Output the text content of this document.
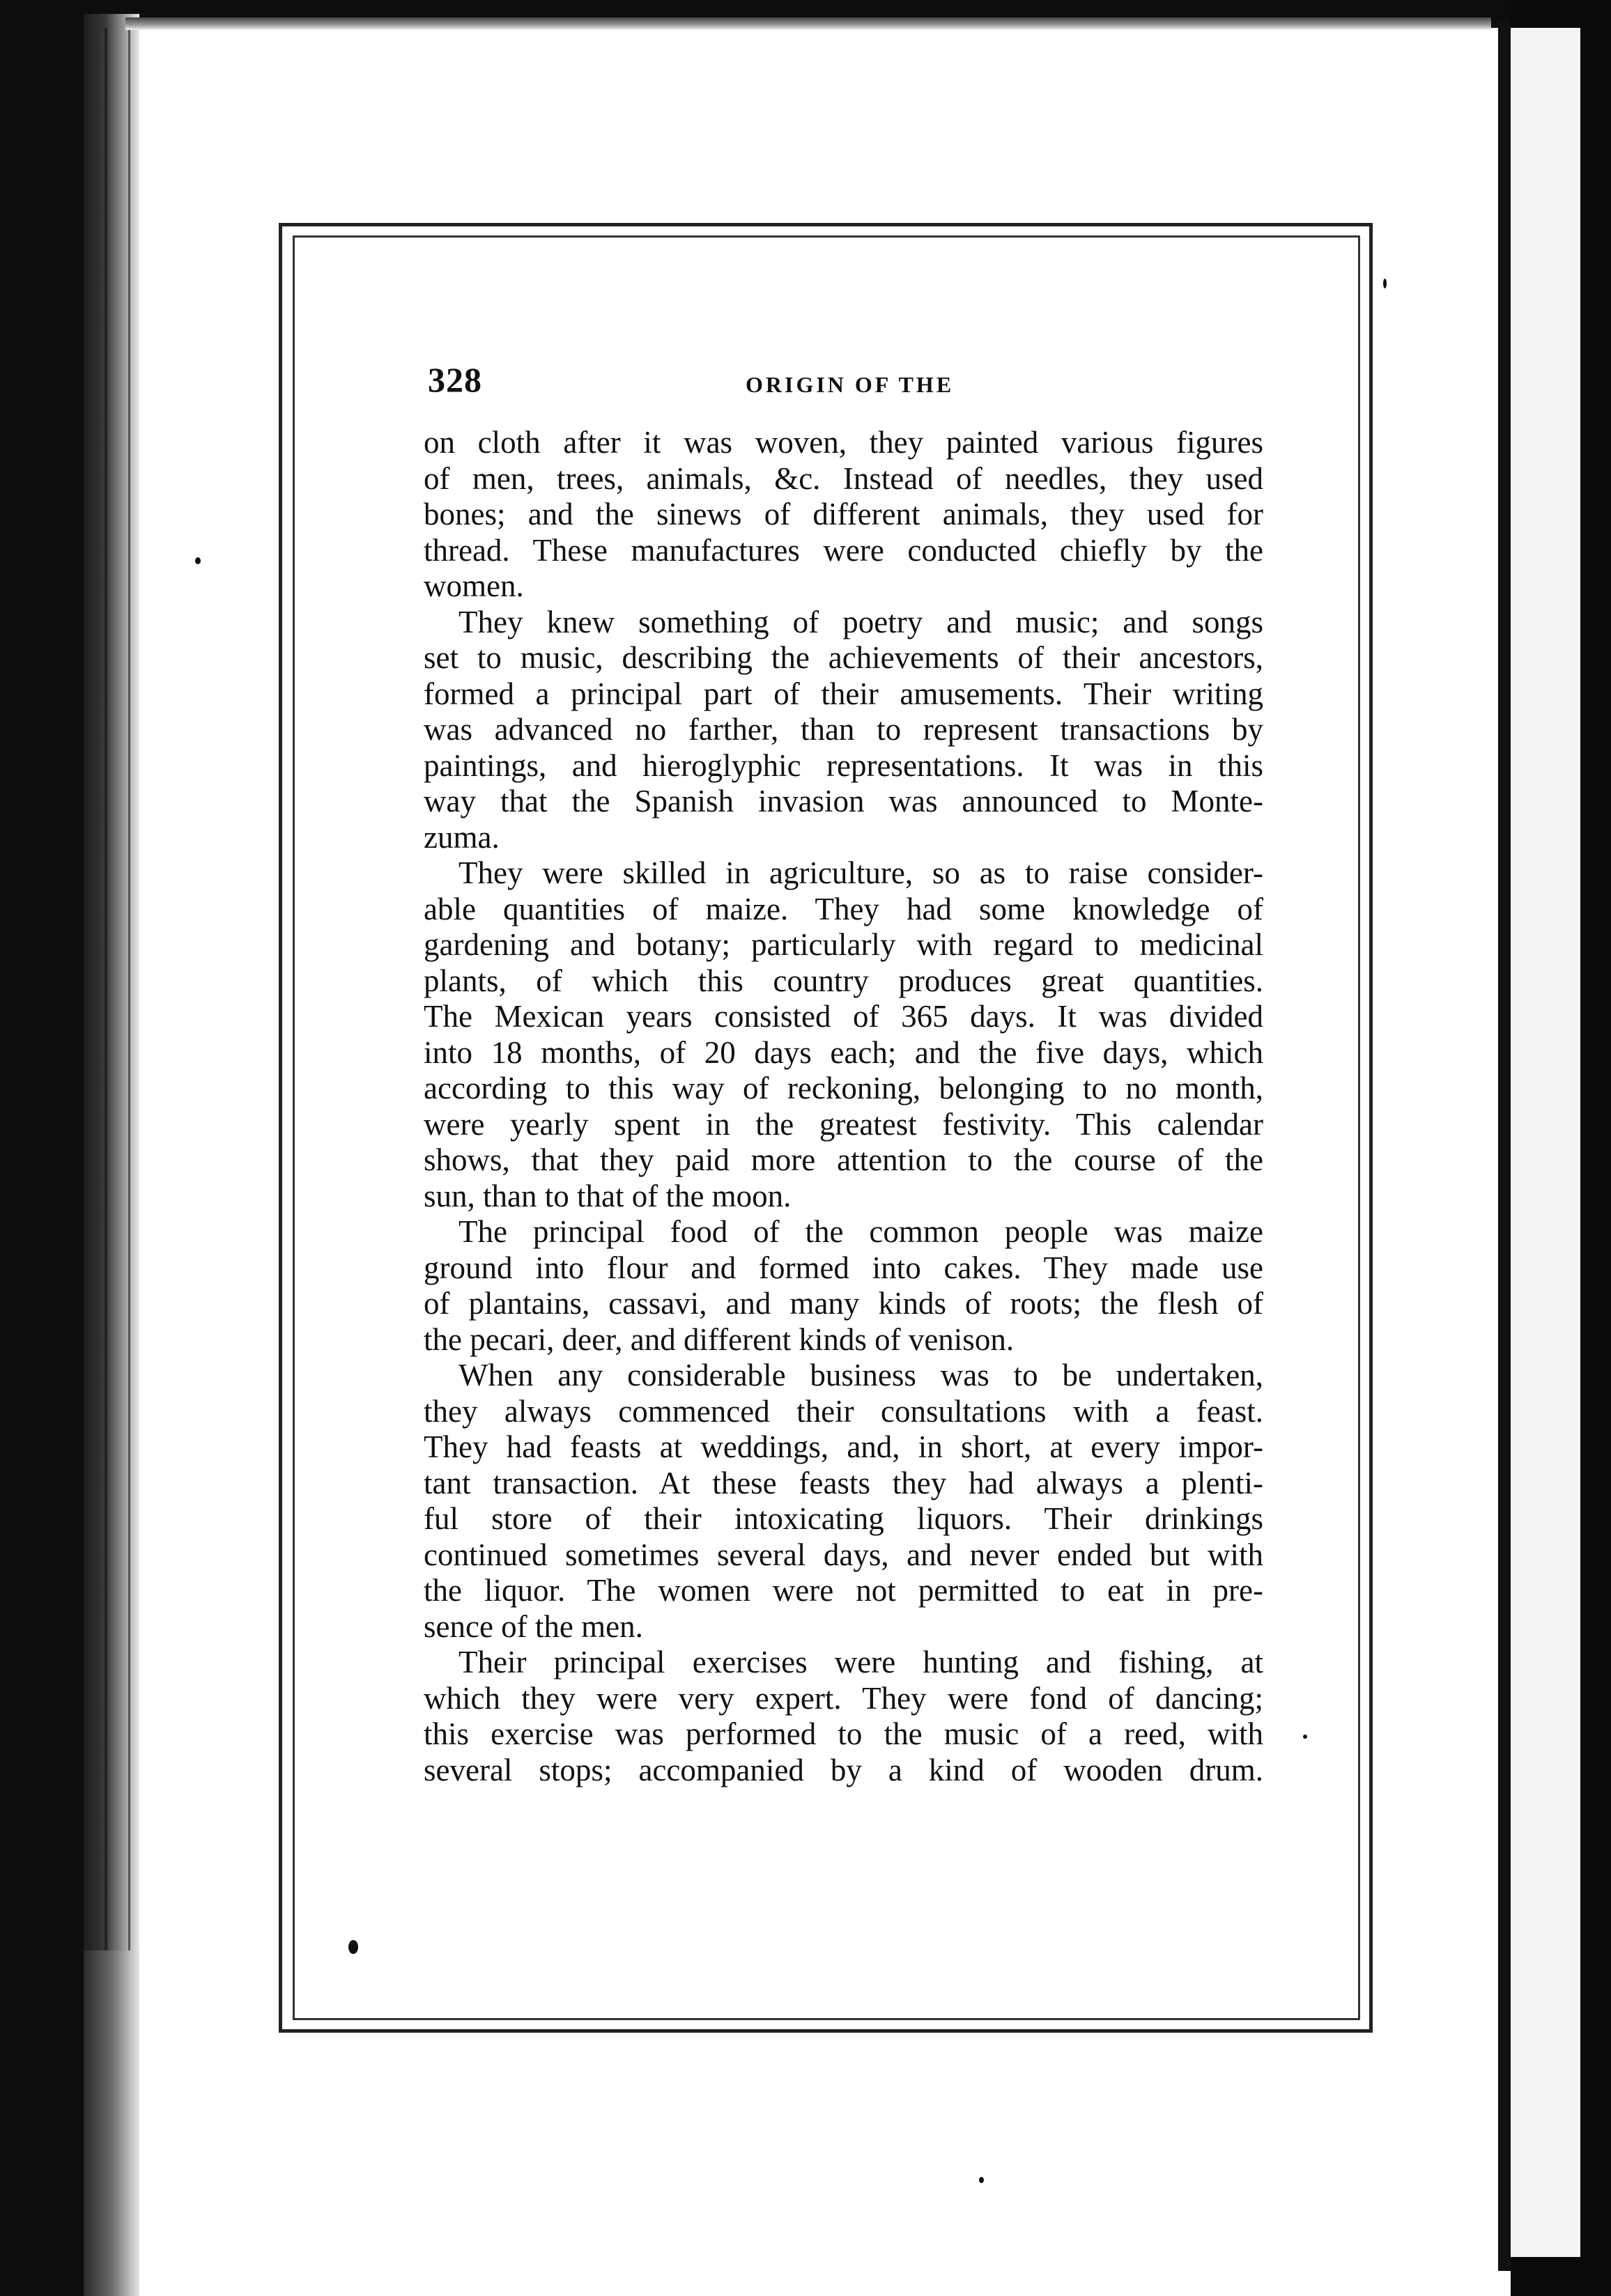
328	ORIGIN OF THE
on cloth after it was woven, they painted various figures
of men, trees, animals, &c. Instead of needles, they used
bones; and the sinews of different animals, they used for
thread. These manufactures were conducted chiefly by the
women.
They knew something of poetry and music; and songs
set to music, describing the achievements of their ancestors,
formed a principal part of their amusements. Their writing
was advanced no farther, than to represent transactions by
paintings, and hieroglyphic representations. It was in this
way that the Spanish invasion was announced to Monte-
zuma.
They were skilled in agriculture, so as to raise consider-
able quantities of maize. They had some knowledge of
gardening and botany; particularly with regard to medicinal
plants, of which this country produces great quantities.
The Mexican years consisted of 365 days. It was divided
into 18 months, of 20 days each; and the five days, which
according to this way of reckoning, belonging to no month,
were yearly spent in the greatest festivity. This calendar
shows, that they paid more attention to the course of the
sun, than to that of the moon.
The principal food of the common people was maize
ground into flour and formed into cakes. They made use
of plantains, cassavi, and many kinds of roots; the flesh of
the pecari, deer, and different kinds of venison.
When any considerable business was to be undertaken,
they always commenced their consultations with a feast.
They had feasts at weddings, and, in short, at every impor-
tant transaction. At these feasts they had always a plenti-
ful store of their intoxicating liquors. Their drinkings
continued sometimes several days, and never ended but with
the liquor. The women were not permitted to eat in pre-
sence of the men.
Their principal exercises were hunting and fishing, at
which they were very expert. They were fond of dancing;
this exercise was performed to the music of a reed, with
several stops; accompanied by a kind of wooden drum.
